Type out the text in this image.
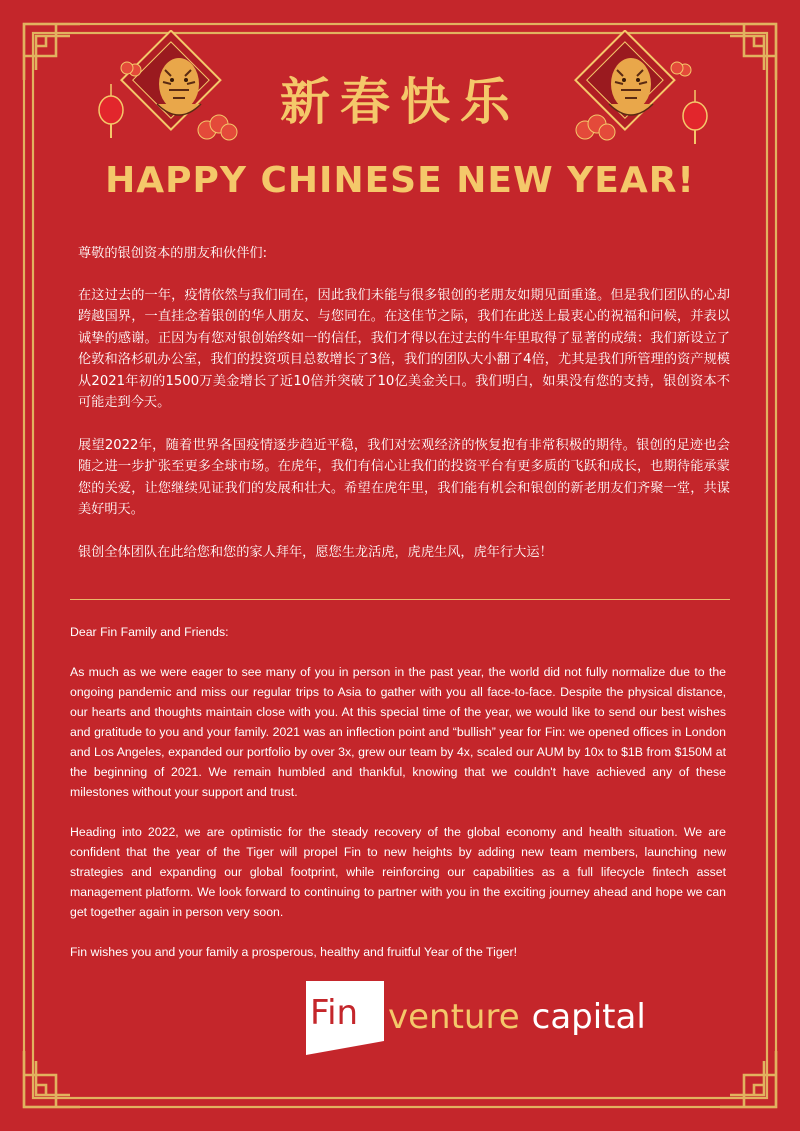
新春快乐
HAPPY CHINESE NEW YEAR!

尊敬的银创资本的朋友和伙伴们:

在这过去的一年，疫情依然与我们同在，因此我们未能与很多银创的老朋友如期见面重逢。但是我们团队的心却跨越国界，一直挂念着银创的华人朋友、与您同在。在这佳节之际，我们在此送上最衷心的祝福和问候，并表以诚挚的感谢。正因为有您对银创始终如一的信任，我们才得以在过去的牛年里取得了显著的成绩：我们新设立了伦敦和洛杉矶办公室，我们的投资项目总数增长了3倍，我们的团队大小翻了4倍，尤其是我们所管理的资产规模从2021年初的1500万美金增长了近10倍并突破了10亿美金关口。我们明白，如果没有您的支持，银创资本不可能走到今天。

展望2022年，随着世界各国疫情逐步趋近平稳，我们对宏观经济的恢复抱有非常积极的期待。银创的足迹也会随之进一步扩张至更多全球市场。在虎年，我们有信心让我们的投资平台有更多质的飞跃和成长，也期待能承蒙您的关爱，让您继续见证我们的发展和壮大。希望在虎年里，我们能有机会和银创的新老朋友们齐聚一堂，共谋美好明天。

银创全体团队在此给您和您的家人拜年，愿您生龙活虎，虎虎生风，虎年行大运！

Dear Fin Family and Friends:

As much as we were eager to see many of you in person in the past year, the world did not fully normalize due to the ongoing pandemic and miss our regular trips to Asia to gather with you all face-to-face. Despite the physical distance, our hearts and thoughts maintain close with you. At this special time of the year, we would like to send our best wishes and gratitude to you and your family. 2021 was an inflection point and “bullish” year for Fin: we opened offices in London and Los Angeles, expanded our portfolio by over 3x, grew our team by 4x, scaled our AUM by 10x to $1B from $150M at the beginning of 2021. We remain humbled and thankful, knowing that we couldn't have achieved any of these milestones without your support and trust.

Heading into 2022, we are optimistic for the steady recovery of the global economy and health situation. We are confident that the year of the Tiger will propel Fin to new heights by adding new team members, launching new strategies and expanding our global footprint, while reinforcing our capabilities as a full lifecycle fintech asset management platform. We look forward to continuing to partner with you in the exciting journey ahead and hope we can get together again in person very soon.

Fin wishes you and your family a prosperous, healthy and fruitful Year of the Tiger!

Fin venture capital
